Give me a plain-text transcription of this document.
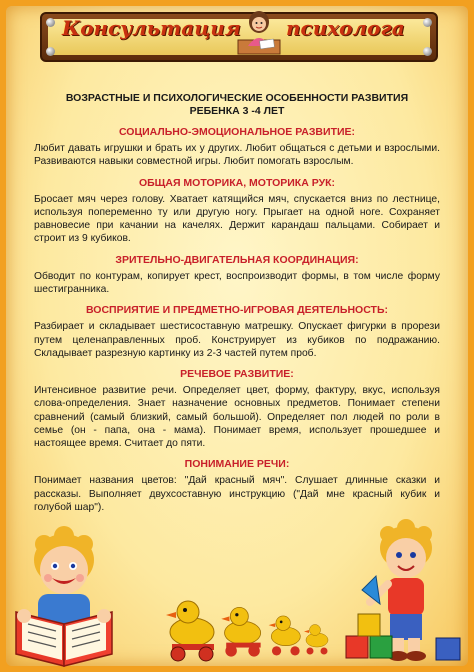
Консультация психолога
ВОЗРАСТНЫЕ И ПСИХОЛОГИЧЕСКИЕ ОСОБЕННОСТИ РАЗВИТИЯ РЕБЕНКА 3 -4 ЛЕТ
СОЦИАЛЬНО-ЭМОЦИОНАЛЬНОЕ РАЗВИТИЕ:
Любит давать игрушки и брать их у других. Любит общаться с детьми и взрослыми. Развиваются навыки совместной игры. Любит помогать взрослым.
ОБЩАЯ МОТОРИКА, МОТОРИКА РУК:
Бросает мяч через голову. Хватает катящийся мяч, спускается вниз по лестнице, используя попеременно ту или другую ногу. Прыгает на одной ноге. Сохраняет равновесие при качании на качелях. Держит карандаш пальцами. Собирает и строит из 9 кубиков.
ЗРИТЕЛЬНО-ДВИГАТЕЛЬНАЯ КООРДИНАЦИЯ:
Обводит по контурам, копирует крест, воспроизводит формы, в том числе форму шестигранника.
ВОСПРИЯТИЕ И ПРЕДМЕТНО-ИГРОВАЯ ДЕЯТЕЛЬНОСТЬ:
Разбирает и складывает шестисоставную матрешку. Опускает фигурки в прорези путем целенаправленных проб. Конструирует из кубиков по подражанию. Складывает разрезную картинку из 2-3 частей путем проб.
РЕЧЕВОЕ РАЗВИТИЕ:
Интенсивное развитие речи. Определяет цвет, форму, фактуру, вкус, используя слова-определения. Знает назначение основных предметов. Понимает степени сравнений (самый близкий, самый большой). Определяет пол людей по роли в семье (он - папа, она - мама). Понимает время, использует прошедшее и настоящее время. Считает до пяти.
ПОНИМАНИЕ РЕЧИ:
Понимает названия цветов: "Дай красный мяч". Слушает длинные сказки и рассказы. Выполняет двухсоставную инструкцию ("Дай мне красный кубик и голубой шар").
